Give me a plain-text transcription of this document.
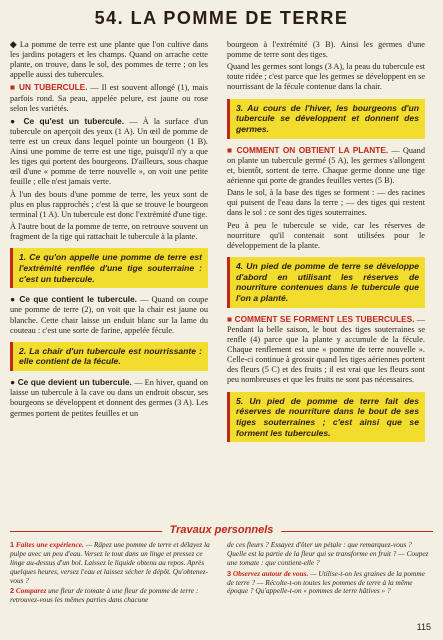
54. LA POMME DE TERRE

◆ La pomme de terre est une plante que l'on cultive dans les jardins potagers et les champs. Quand on arrache cette plante, on trouve, dans le sol, des pommes de terre ; on les appelle aussi des tubercules.

■ UN TUBERCULE. — Il est souvent allongé (1), mais parfois rond. Sa peau, appelée pelure, est jaune ou rose selon les variétés.

● Ce qu'est un tubercule. — À la surface d'un tubercule on aperçoit des yeux (1 A). Un œil de pomme de terre est un creux dans lequel pointe un bourgeon (1 B). Ainsi une pomme de terre est une tige, puisqu'il n'y a que les tiges qui portent des bourgeons. D'ailleurs, sous chaque œil d'une « pomme de terre nouvelle », on voit une petite feuille ; elle n'est jamais verte.

À l'un des bouts d'une pomme de terre, les yeux sont de plus en plus rapprochés ; c'est là que se trouve le bourgeon terminal (1 A). Un tubercule est donc l'extrémité d'une tige.

À l'autre bout de la pomme de terre, on retrouve souvent un fragment de la tige qui rattachait le tubercule à la plante.

1. Ce qu'on appelle une pomme de terre est l'extrémité renflée d'une tige souterraine : c'est un tubercule.

● Ce que contient le tubercule. — Quand on coupe une pomme de terre (2), on voit que la chair est jaune ou blanche. Cette chair laisse un enduit blanc sur la lame du couteau : c'est une sorte de farine, appelée fécule.

2. La chair d'un tubercule est nourrissante : elle contient de la fécule.

● Ce que devient un tubercule. — En hiver, quand on laisse un tubercule à la cave ou dans un endroit obscur, ses bourgeons se développent et donnent des germes (3 A). Les germes portent de petites feuilles et un

bourgeon à l'extrémité (3 B). Ainsi les germes d'une pomme de terre sont des tiges.

Quand les germes sont longs (3 A), la peau du tubercule est toute ridée ; c'est parce que les germes se développent en se nourrissant de la fécule contenue dans la chair.

3. Au cours de l'hiver, les bourgeons d'un tubercule se développent et donnent des germes.

■ COMMENT ON OBTIENT LA PLANTE. — Quand on plante un tubercule germé (5 A), les germes s'allongent et, bientôt, sortent de terre. Chaque germe donne une tige aérienne qui porte de grandes feuilles vertes (5 B).

Dans le sol, à la base des tiges se forment : — des racines qui puisent de l'eau dans la terre ; — des tiges qui restent dans le sol : ce sont des tiges souterraines.

Peu à peu le tubercule se vide, car les réserves de nourriture qu'il contenait sont utilisées pour le développement de la plante.

4. Un pied de pomme de terre se développe d'abord en utilisant les réserves de nourriture contenues dans le tubercule que l'on a planté.

■ COMMENT SE FORMENT LES TUBERCULES. — Pendant la belle saison, le bout des tiges souterraines se renfle (4) parce que la plante y accumule de la fécule. Chaque renflement est une « pomme de terre nouvelle ». Celle-ci continue à grossir quand les tiges aériennes portent des fleurs (5 C) et des fruits ; il est vrai que les fleurs sont peu nombreuses et que les fruits ne sont pas nécessaires.

5. Un pied de pomme de terre fait des réserves de nourriture dans le bout de ses tiges souterraines ; c'est ainsi que se forment les tubercules.
Travaux personnels

1 Faites une expérience. — Râpez une pomme de terre et délayez la pulpe avec un peu d'eau. Versez le tout dans un linge et pressez ce linge au-dessus d'un bol. Laissez le liquide obtenu au repos. Après quelques heures, versez l'eau et laissez sécher le dépôt. Qu'obtenez-vous ?

2 Comparez une fleur de tomate à une fleur de pomme de terre : retrouvez-vous les mêmes parties dans chacune

de ces fleurs ? Essayez d'ôter un pétale : que remarquez-vous ? Quelle est la partie de la fleur qui se transforme en fruit ? — Coupez une tomate : que contient-elle ?

3 Observez autour de vous. — Utilise-t-on les graines de la pomme de terre ? — Récolte-t-on toutes les pommes de terre à la même époque ? Qu'appelle-t-on « pommes de terre hâtives » ?

115
